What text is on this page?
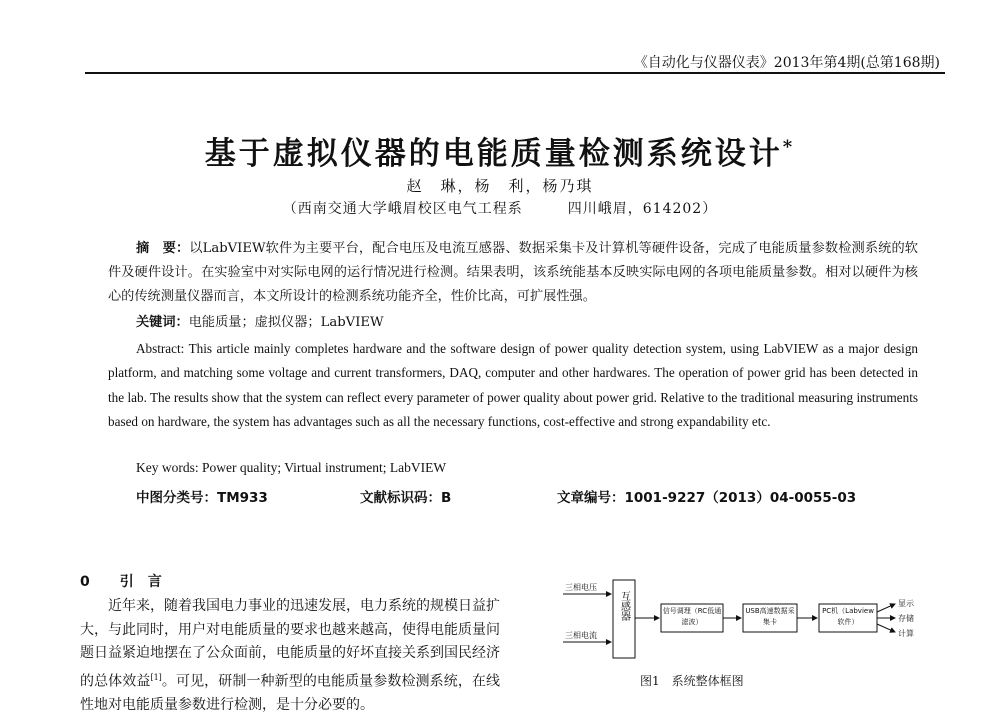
《自动化与仪器仪表》2013年第4期(总第168期)
基于虚拟仪器的电能质量检测系统设计*
赵　琳，杨　利，杨乃琪
（西南交通大学峨眉校区电气工程系　　　四川峨眉，614202）
摘　要：以LabVIEW软件为主要平台，配合电压及电流互感器、数据采集卡及计算机等硬件设备，完成了电能质量参数检测系统的软件及硬件设计。在实验室中对实际电网的运行情况进行检测。结果表明，该系统能基本反映实际电网的各项电能质量参数。相对以硬件为核心的传统测量仪器而言，本文所设计的检测系统功能齐全，性价比高，可扩展性强。
关键词：电能质量；虚拟仪器；LabVIEW
Abstract: This article mainly completes hardware and the software design of power quality detection system, using LabVIEW as a major design platform, and matching some voltage and current transformers, DAQ, computer and other hardwares. The operation of power grid has been detected in the lab. The results show that the system can reflect every parameter of power quality about power grid. Relative to the traditional measuring instruments based on hardware, the system has advantages such as all the necessary functions, cost-effective and strong expandability etc.
Key words: Power quality; Virtual instrument; LabVIEW
中图分类号：TM933	文献标识码：B	文章编号：1001-9227（2013）04-0055-03
0 引　言
近年来，随着我国电力事业的迅速发展，电力系统的规模日益扩大，与此同时，用户对电能质量的要求也越来越高，使得电能质量问题日益紧迫地摆在了公众面前，电能质量的好坏直接关系到国民经济的总体效益[1]。可见，研制一种新型的电能质量参数检测系统，在线性地对电能质量参数进行检测，是十分必要的。
三相电压
三相电流
互感器	信号调理（RC低通滤波）
USB高速数据采集卡
PC机（Labview软件）
显示
存储
计算
图1　系统整体框图
